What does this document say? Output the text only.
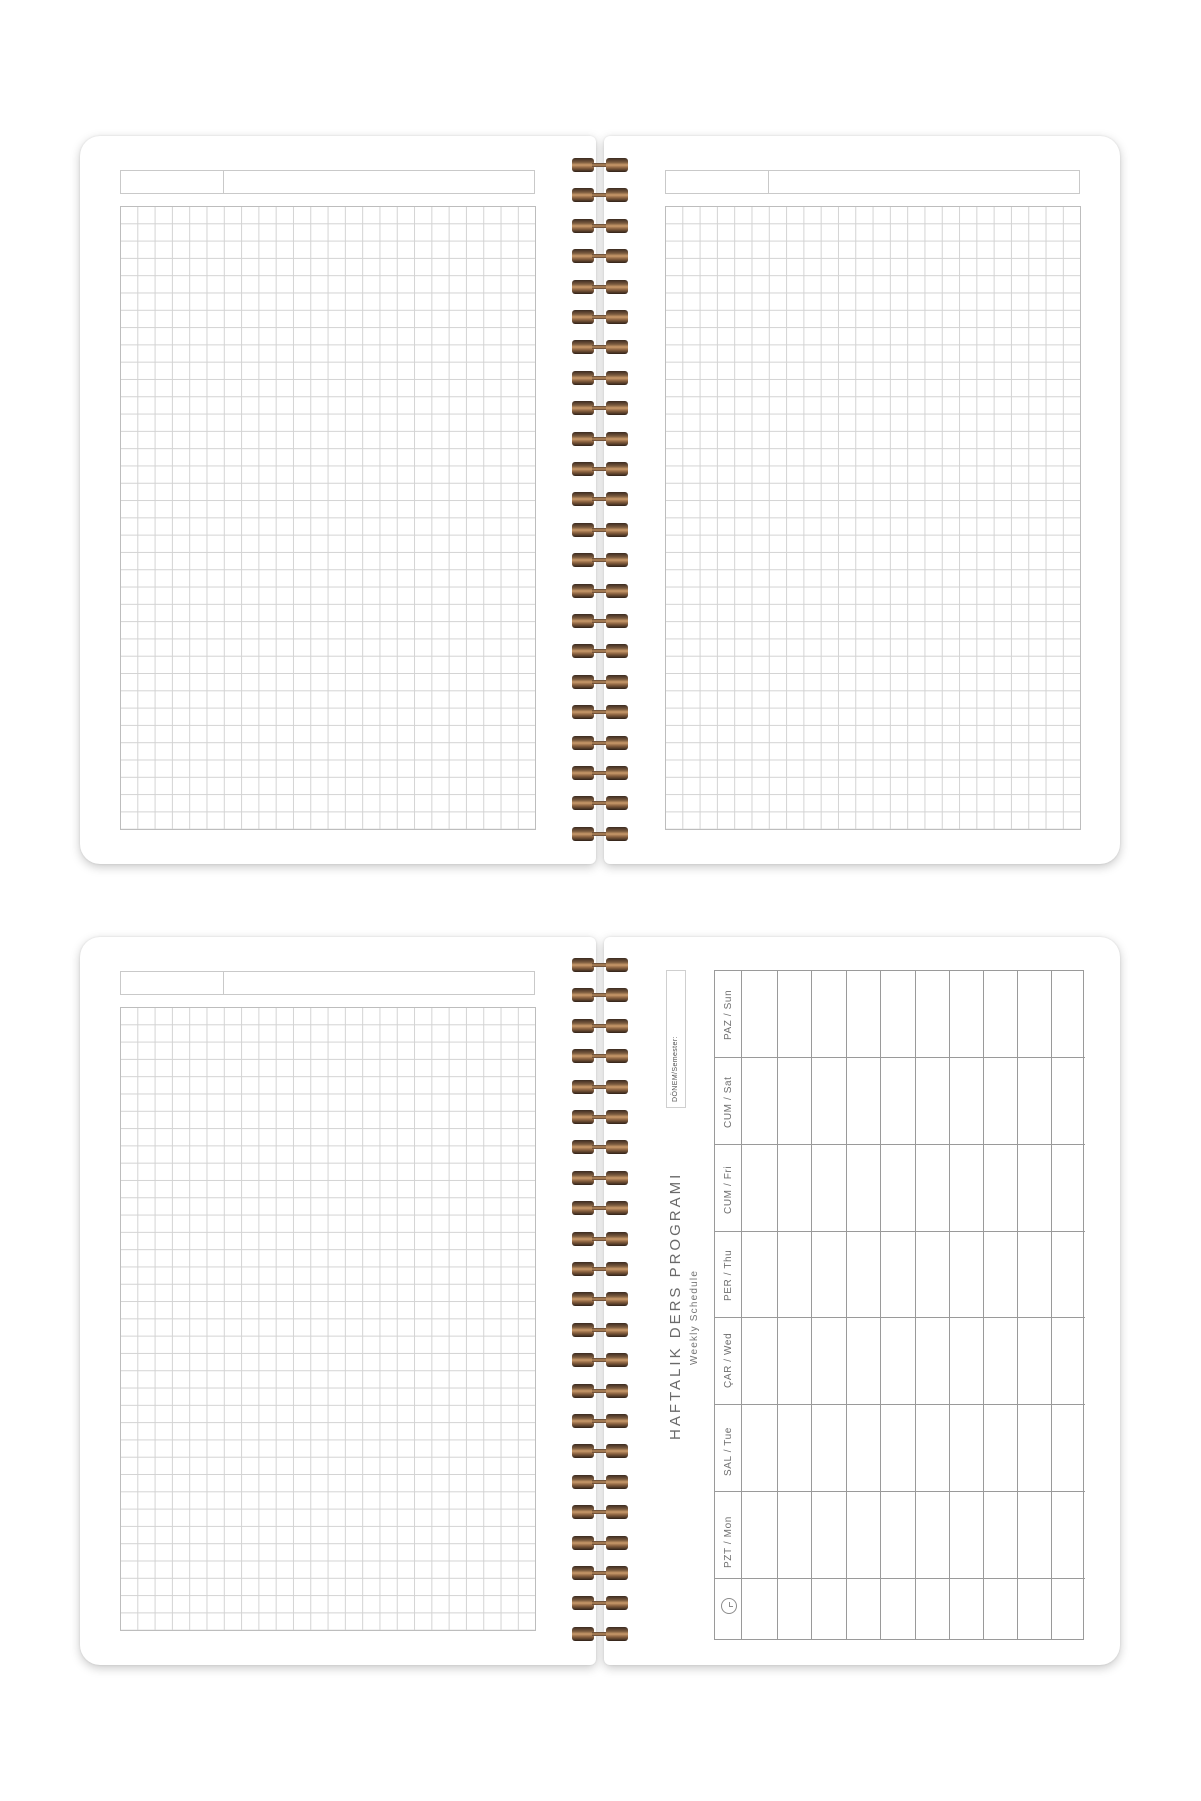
DÖNEM/Semester:
HAFTALIK DERS PROGRAMI Weekly Schedule
PAZ / Sun
CUM / Sat
CUM / Fri
PER / Thu
ÇAR / Wed
SAL / Tue
PZT / Mon
